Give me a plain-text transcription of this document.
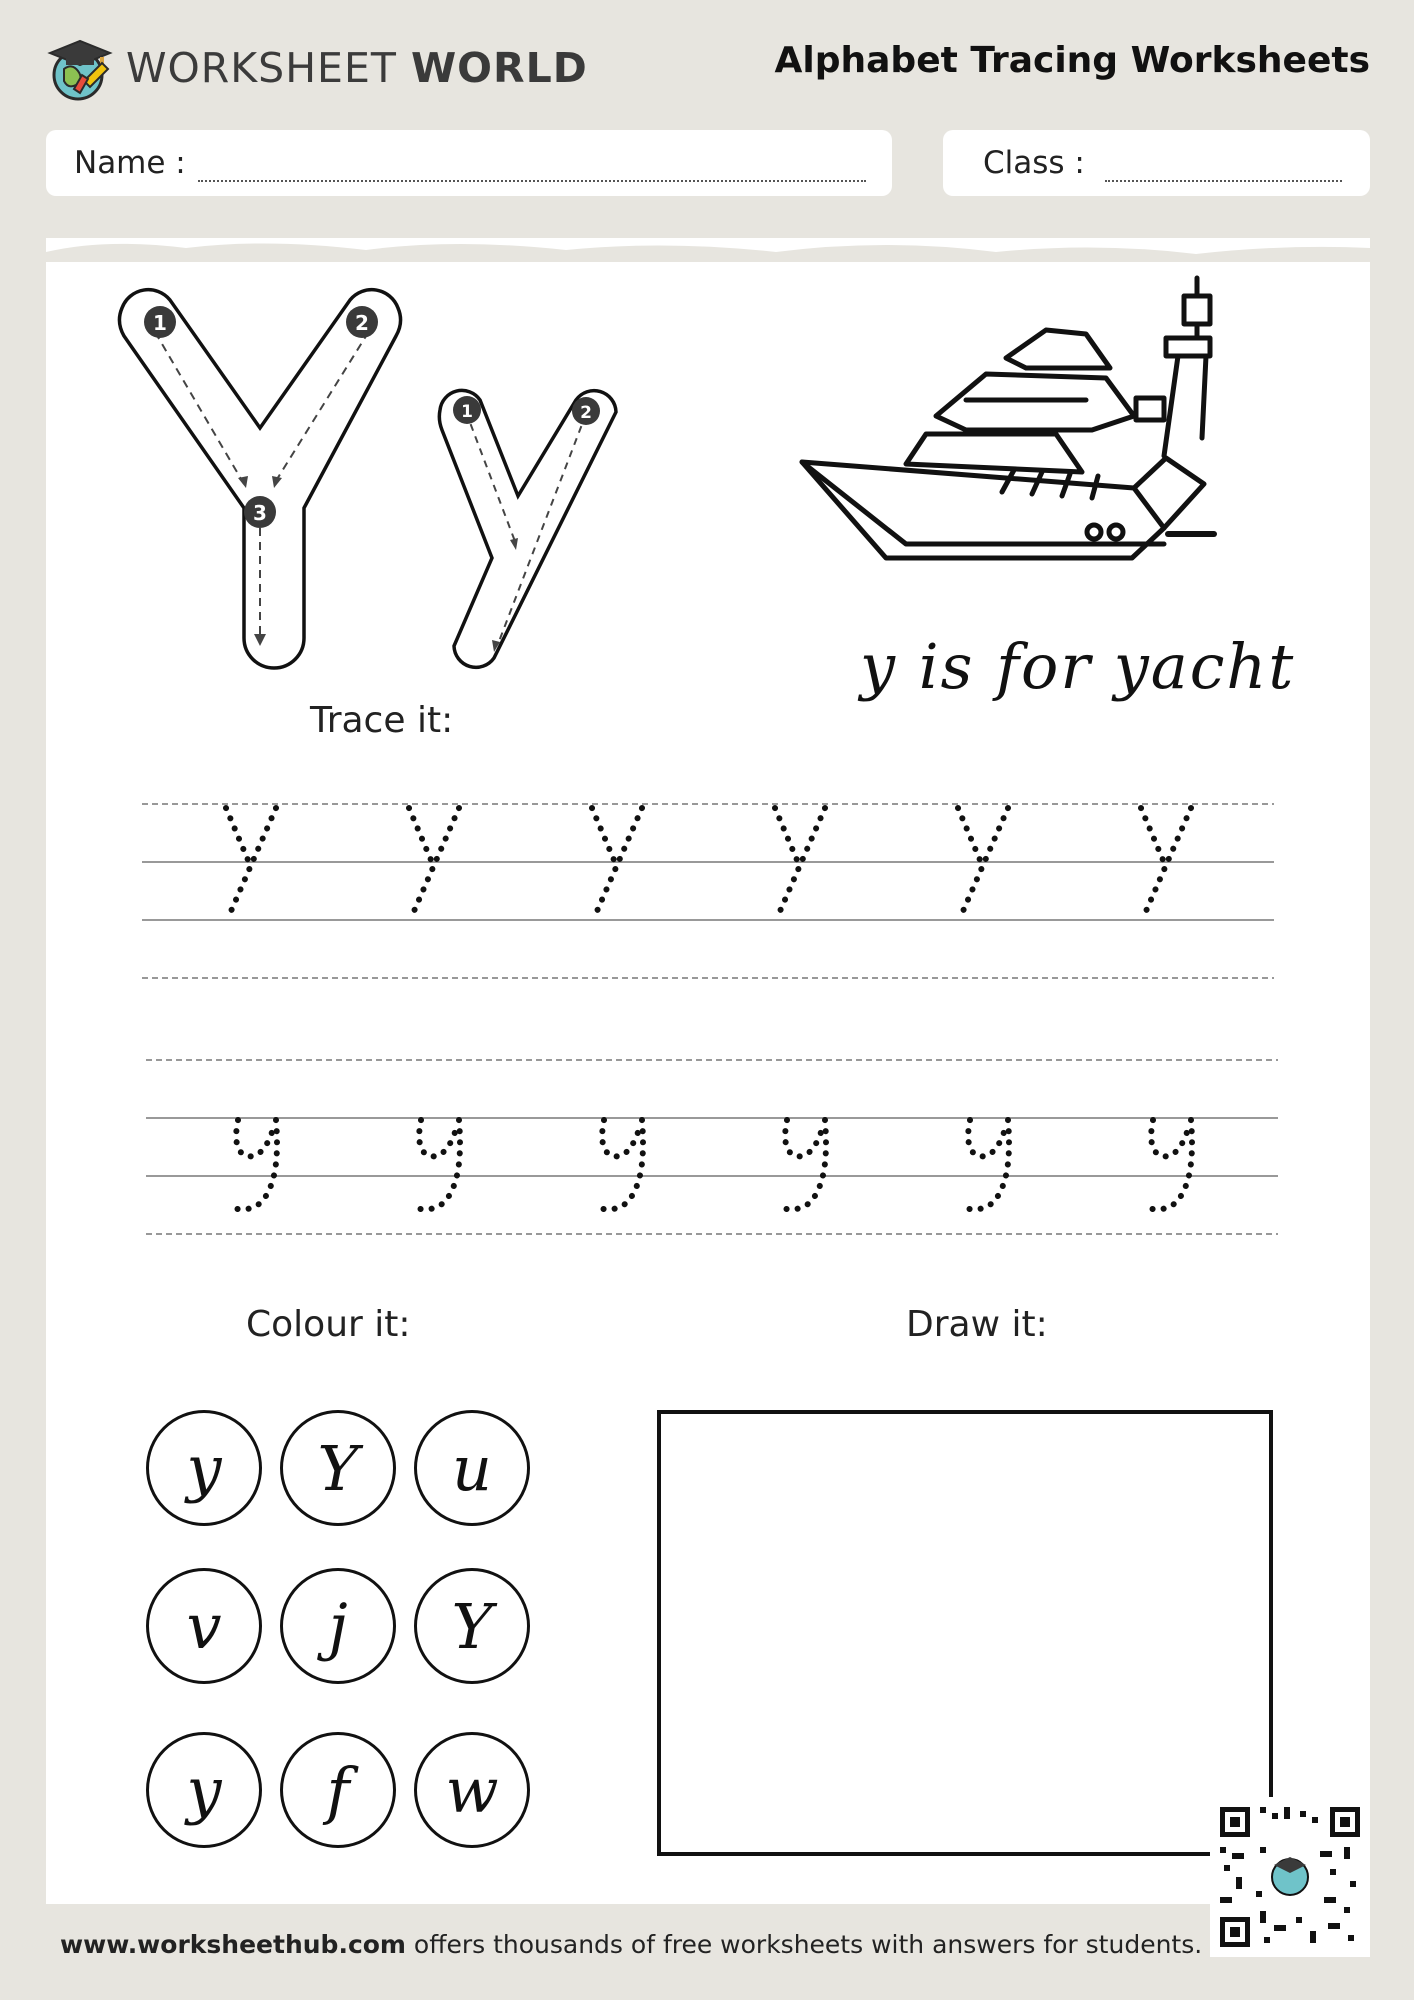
WORKSHEET WORLD	Alphabet Tracing Worksheets
Name :	Class :
1	2
3
1	2
y is for yacht
Trace it:
Colour it:	Draw it:
y	Y	u
v	j	Y
y	f	w
www.worksheethub.com offers thousands of free worksheets with answers for students.
